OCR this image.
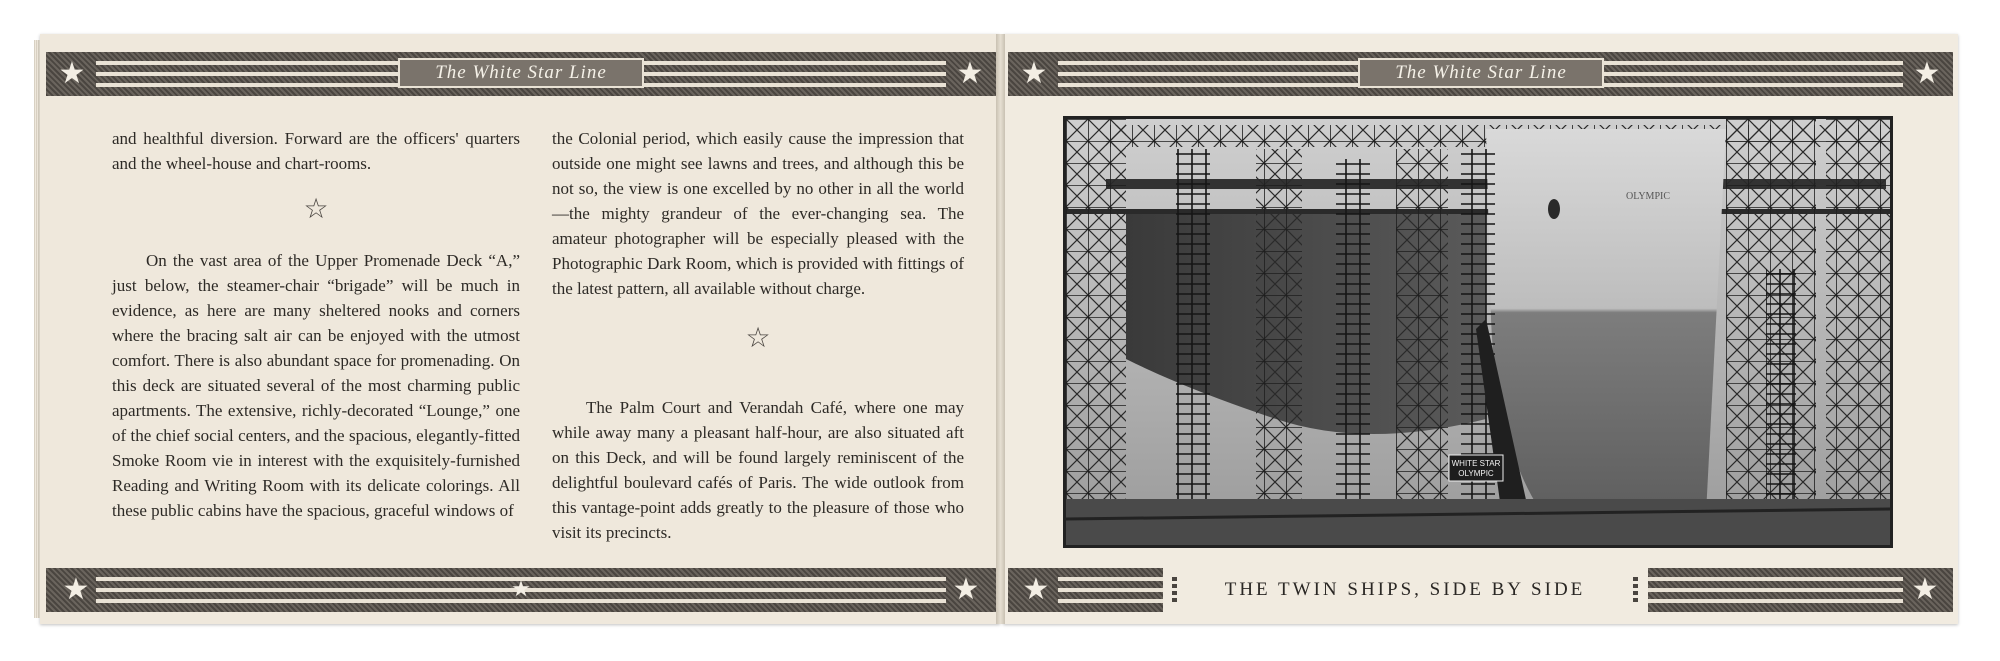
★	★
The White Star Line	★	★
The White Star Line
★	★	★ ★	★
THE TWIN SHIPS, SIDE BY SIDE

and healthful diversion. Forward are the officers' quarters and the wheel-house and chart-rooms.

☆

On the vast area of the Upper Promenade Deck “A,” just below, the steamer-chair “brigade” will be much in evidence, as here are many sheltered nooks and corners where the bracing salt air can be enjoyed with the utmost comfort. There is also abundant space for promenading. On this deck are situated several of the most charming public apartments. The extensive, richly-decorated “Lounge,” one of the chief social centers, and the spacious, elegantly-fitted Smoke Room vie in interest with the exquisitely-furnished Reading and Writing Room with its delicate colorings. All these public cabins have the spacious, graceful windows of

the Colonial period, which easily cause the impression that outside one might see lawns and trees, and although this be not so, the view is one excelled by no other in all the world—the mighty grandeur of the ever-changing sea. The amateur photographer will be especially pleased with the Photographic Dark Room, which is provided with fittings of the latest pattern, all available without charge.

☆

The Palm Court and Verandah Café, where one may while away many a pleasant half-hour, are also situated aft on this Deck, and will be found largely reminiscent of the delightful boulevard cafés of Paris. The wide outlook from this vantage-point adds greatly to the pleasure of those who visit its precincts.

OLYMPIC
WHITE STAR
OLYMPIC
